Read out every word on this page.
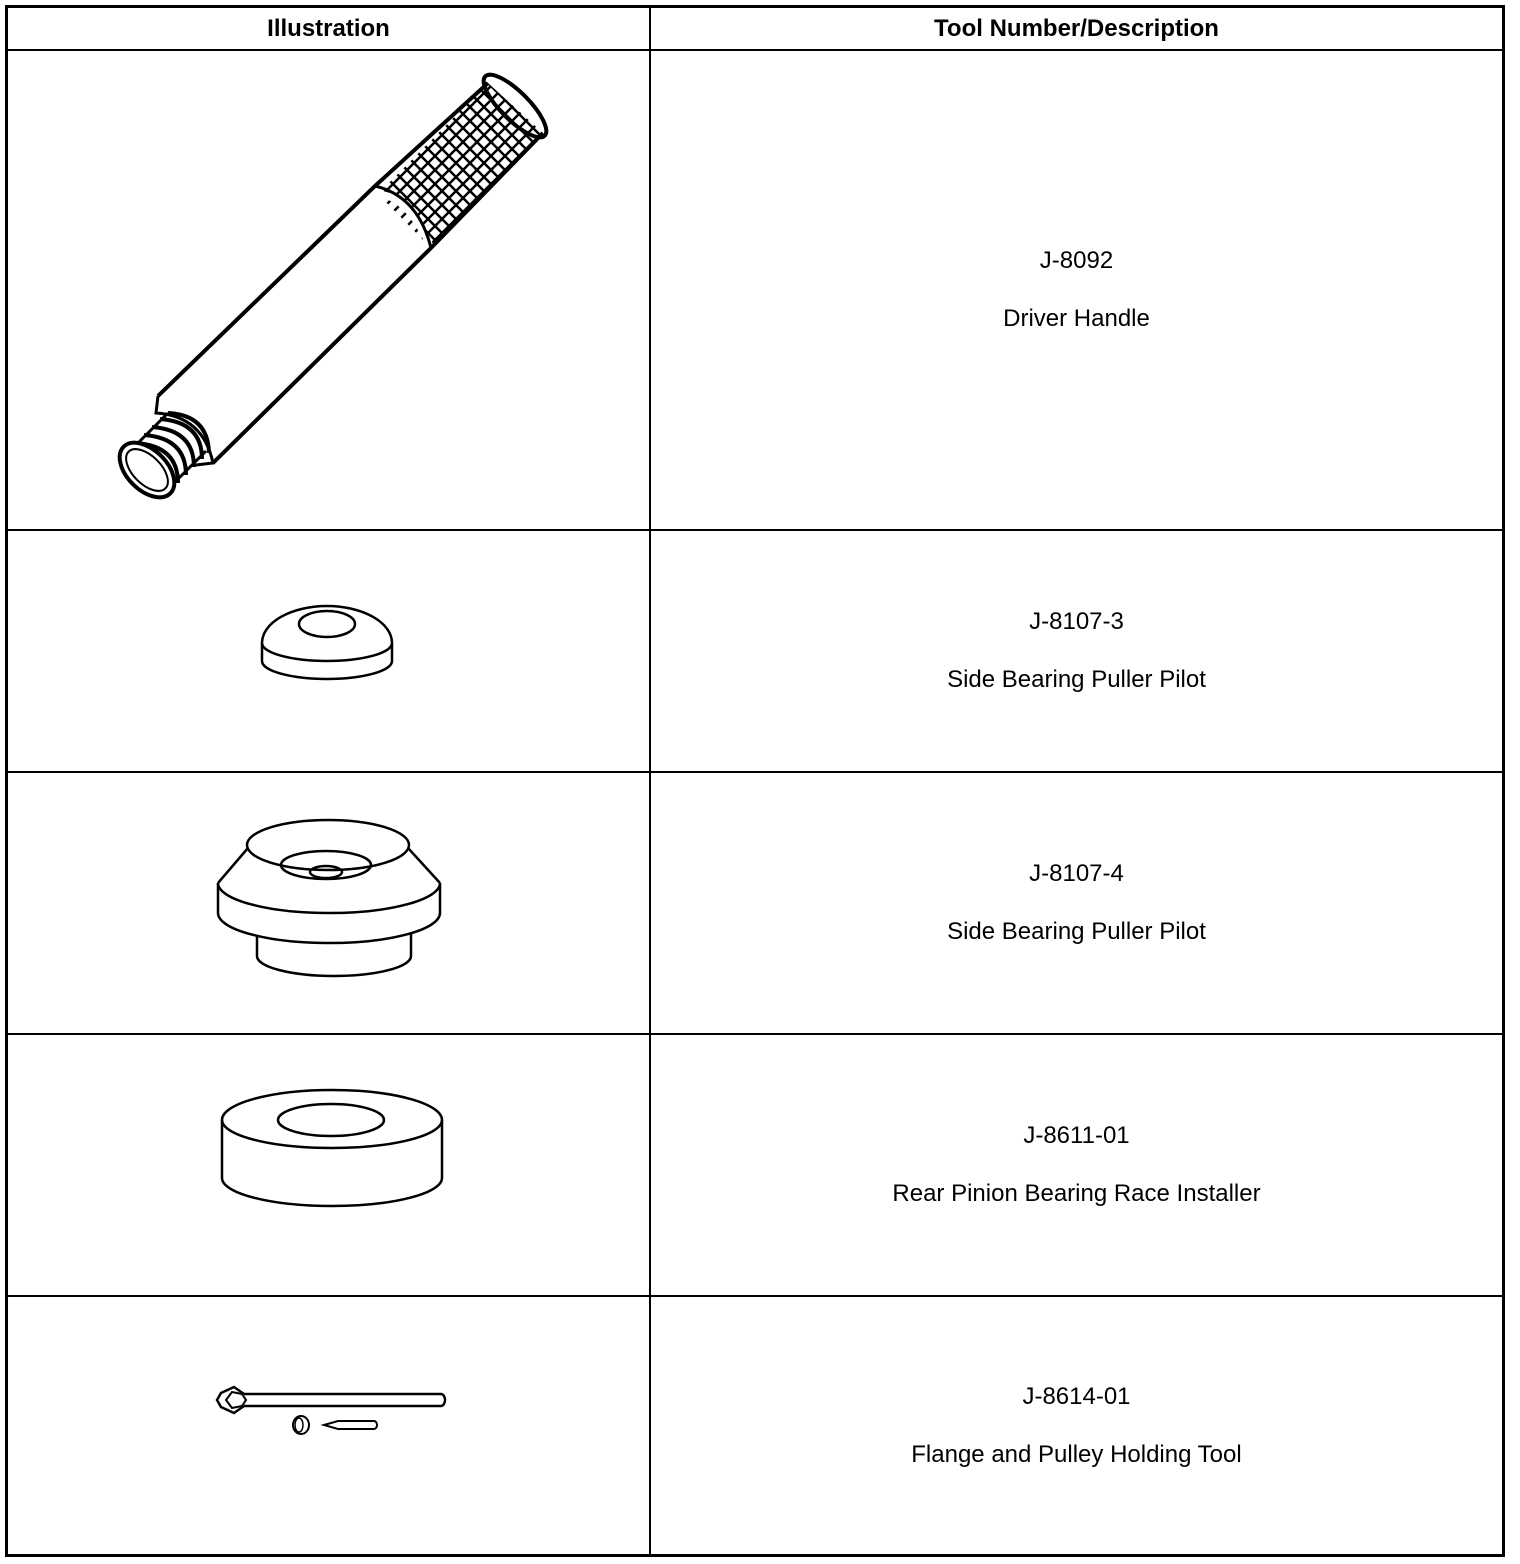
Illustration	Tool Number/Description
J-8092
Driver Handle
J-8107-3
Side Bearing Puller Pilot
J-8107-4
Side Bearing Puller Pilot
J-8611-01
Rear Pinion Bearing Race Installer
J-8614-01
Flange and Pulley Holding Tool
